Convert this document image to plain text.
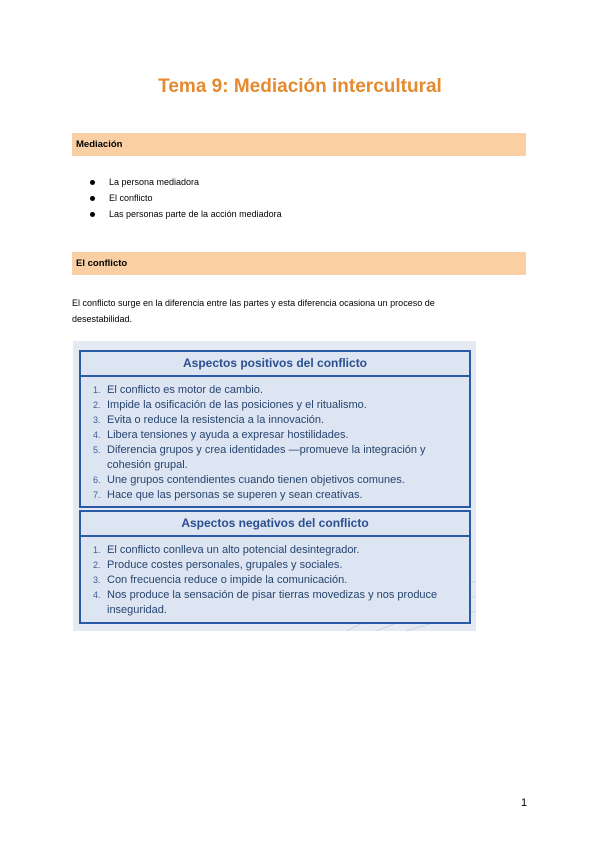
Tema 9: Mediación intercultural
Mediación
La persona mediadora
El conflicto
Las personas parte de la acción mediadora
El conflicto

El conflicto surge en la diferencia entre las partes y esta diferencia ocasiona un proceso de desestabilidad.

Aspectos positivos del conflicto
1. El conflicto es motor de cambio.
2. Impide la osificación de las posiciones y el ritualismo.
3. Evita o reduce la resistencia a la innovación.
4. Libera tensiones y ayuda a expresar hostilidades.
5. Diferencia grupos y crea identidades —promueve la integración y cohesión grupal.
6. Une grupos contendientes cuando tienen objetivos comunes.
7. Hace que las personas se superen y sean creativas.
Aspectos negativos del conflicto
1. El conflicto conlleva un alto potencial desintegrador.
2. Produce costes personales, grupales y sociales.
3. Con frecuencia reduce o impide la comunicación.
4. Nos produce la sensación de pisar tierras movedizas y nos produce inseguridad.
1
